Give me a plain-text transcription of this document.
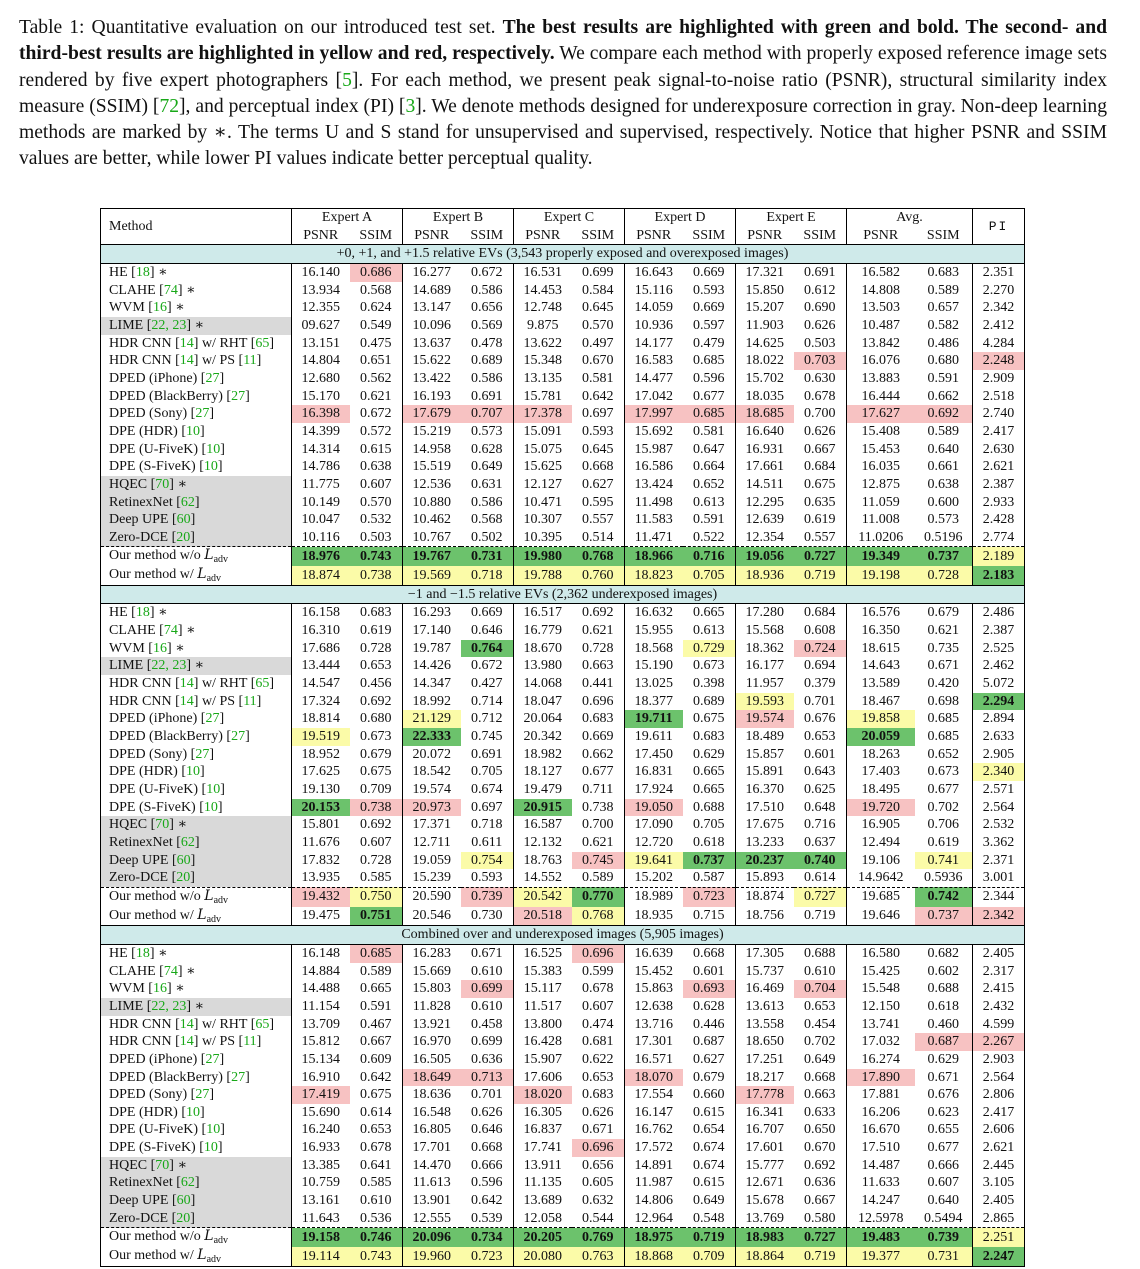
Table 1: Quantitative evaluation on our introduced test set. The best results are highlighted with green and bold. The second- and third-best results are highlighted in yellow and red, respectively. We compare each method with properly exposed reference image sets rendered by five expert photographers [5]. For each method, we present peak signal-to-noise ratio (PSNR), structural similarity index measure (SSIM) [72], and perceptual index (PI) [3]. We denote methods designed for underexposure correction in gray. Non-deep learning methods are marked by ∗. The terms U and S stand for unsupervised and supervised, respectively. Notice that higher PSNR and SSIM values are better, while lower PI values indicate better perceptual quality.
Method	Expert A		Expert B		Expert C		Expert D		Expert E		Avg.		PI
	PSNR	SSIM	PSNR	SSIM	PSNR	SSIM	PSNR	SSIM	PSNR	SSIM	PSNR	SSIM	
+0, +1, and +1.5 relative EVs (3,543 properly exposed and overexposed images)													
HE [18] ∗	16.140	0.686	16.277	0.672	16.531	0.699	16.643	0.669	17.321	0.691	16.582	0.683	2.351
CLAHE [74] ∗	13.934	0.568	14.689	0.586	14.453	0.584	15.116	0.593	15.850	0.612	14.808	0.589	2.270
WVM [16] ∗	12.355	0.624	13.147	0.656	12.748	0.645	14.059	0.669	15.207	0.690	13.503	0.657	2.342
LIME [22, 23] ∗	09.627	0.549	10.096	0.569	9.875	0.570	10.936	0.597	11.903	0.626	10.487	0.582	2.412
HDR CNN [14] w/ RHT [65]	13.151	0.475	13.637	0.478	13.622	0.497	14.177	0.479	14.625	0.503	13.842	0.486	4.284
HDR CNN [14] w/ PS [11]	14.804	0.651	15.622	0.689	15.348	0.670	16.583	0.685	18.022	0.703	16.076	0.680	2.248
DPED (iPhone) [27]	12.680	0.562	13.422	0.586	13.135	0.581	14.477	0.596	15.702	0.630	13.883	0.591	2.909
DPED (BlackBerry) [27]	15.170	0.621	16.193	0.691	15.781	0.642	17.042	0.677	18.035	0.678	16.444	0.662	2.518
DPED (Sony) [27]	16.398	0.672	17.679	0.707	17.378	0.697	17.997	0.685	18.685	0.700	17.627	0.692	2.740
DPE (HDR) [10]	14.399	0.572	15.219	0.573	15.091	0.593	15.692	0.581	16.640	0.626	15.408	0.589	2.417
DPE (U-FiveK) [10]	14.314	0.615	14.958	0.628	15.075	0.645	15.987	0.647	16.931	0.667	15.453	0.640	2.630
DPE (S-FiveK) [10]	14.786	0.638	15.519	0.649	15.625	0.668	16.586	0.664	17.661	0.684	16.035	0.661	2.621
HQEC [70] ∗	11.775	0.607	12.536	0.631	12.127	0.627	13.424	0.652	14.511	0.675	12.875	0.638	2.387
RetinexNet [62]	10.149	0.570	10.880	0.586	10.471	0.595	11.498	0.613	12.295	0.635	11.059	0.600	2.933
Deep UPE [60]	10.047	0.532	10.462	0.568	10.307	0.557	11.583	0.591	12.639	0.619	11.008	0.573	2.428
Zero-DCE [20]	10.116	0.503	10.767	0.502	10.395	0.514	11.471	0.522	12.354	0.557	11.0206	0.5196	2.774
Our method w/o $L_{adv}$	18.976	0.743	19.767	0.731	19.980	0.768	18.966	0.716	19.056	0.727	19.349	0.737	2.189
Our method w/ $L_{adv}$	18.874	0.738	19.569	0.718	19.788	0.760	18.823	0.705	18.936	0.719	19.198	0.728	2.183
−1 and −1.5 relative EVs (2,362 underexposed images)													
HE [18] ∗	16.158	0.683	16.293	0.669	16.517	0.692	16.632	0.665	17.280	0.684	16.576	0.679	2.486
CLAHE [74] ∗	16.310	0.619	17.140	0.646	16.779	0.621	15.955	0.613	15.568	0.608	16.350	0.621	2.387
WVM [16] ∗	17.686	0.728	19.787	0.764	18.670	0.728	18.568	0.729	18.362	0.724	18.615	0.735	2.525
LIME [22, 23] ∗	13.444	0.653	14.426	0.672	13.980	0.663	15.190	0.673	16.177	0.694	14.643	0.671	2.462
HDR CNN [14] w/ RHT [65]	14.547	0.456	14.347	0.427	14.068	0.441	13.025	0.398	11.957	0.379	13.589	0.420	5.072
HDR CNN [14] w/ PS [11]	17.324	0.692	18.992	0.714	18.047	0.696	18.377	0.689	19.593	0.701	18.467	0.698	2.294
DPED (iPhone) [27]	18.814	0.680	21.129	0.712	20.064	0.683	19.711	0.675	19.574	0.676	19.858	0.685	2.894
DPED (BlackBerry) [27]	19.519	0.673	22.333	0.745	20.342	0.669	19.611	0.683	18.489	0.653	20.059	0.685	2.633
DPED (Sony) [27]	18.952	0.679	20.072	0.691	18.982	0.662	17.450	0.629	15.857	0.601	18.263	0.652	2.905
DPE (HDR) [10]	17.625	0.675	18.542	0.705	18.127	0.677	16.831	0.665	15.891	0.643	17.403	0.673	2.340
DPE (U-FiveK) [10]	19.130	0.709	19.574	0.674	19.479	0.711	17.924	0.665	16.370	0.625	18.495	0.677	2.571
DPE (S-FiveK) [10]	20.153	0.738	20.973	0.697	20.915	0.738	19.050	0.688	17.510	0.648	19.720	0.702	2.564
HQEC [70] ∗	15.801	0.692	17.371	0.718	16.587	0.700	17.090	0.705	17.675	0.716	16.905	0.706	2.532
RetinexNet [62]	11.676	0.607	12.711	0.611	12.132	0.621	12.720	0.618	13.233	0.637	12.494	0.619	3.362
Deep UPE [60]	17.832	0.728	19.059	0.754	18.763	0.745	19.641	0.737	20.237	0.740	19.106	0.741	2.371
Zero-DCE [20]	13.935	0.585	15.239	0.593	14.552	0.589	15.202	0.587	15.893	0.614	14.9642	0.5936	3.001
Our method w/o $L_{adv}$	19.432	0.750	20.590	0.739	20.542	0.770	18.989	0.723	18.874	0.727	19.685	0.742	2.344
Our method w/ $L_{adv}$	19.475	0.751	20.546	0.730	20.518	0.768	18.935	0.715	18.756	0.719	19.646	0.737	2.342
Combined over and underexposed images (5,905 images)													
HE [18] ∗	16.148	0.685	16.283	0.671	16.525	0.696	16.639	0.668	17.305	0.688	16.580	0.682	2.405
CLAHE [74] ∗	14.884	0.589	15.669	0.610	15.383	0.599	15.452	0.601	15.737	0.610	15.425	0.602	2.317
WVM [16] ∗	14.488	0.665	15.803	0.699	15.117	0.678	15.863	0.693	16.469	0.704	15.548	0.688	2.415
LIME [22, 23] ∗	11.154	0.591	11.828	0.610	11.517	0.607	12.638	0.628	13.613	0.653	12.150	0.618	2.432
HDR CNN [14] w/ RHT [65]	13.709	0.467	13.921	0.458	13.800	0.474	13.716	0.446	13.558	0.454	13.741	0.460	4.599
HDR CNN [14] w/ PS [11]	15.812	0.667	16.970	0.699	16.428	0.681	17.301	0.687	18.650	0.702	17.032	0.687	2.267
DPED (iPhone) [27]	15.134	0.609	16.505	0.636	15.907	0.622	16.571	0.627	17.251	0.649	16.274	0.629	2.903
DPED (BlackBerry) [27]	16.910	0.642	18.649	0.713	17.606	0.653	18.070	0.679	18.217	0.668	17.890	0.671	2.564
DPED (Sony) [27]	17.419	0.675	18.636	0.701	18.020	0.683	17.554	0.660	17.778	0.663	17.881	0.676	2.806
DPE (HDR) [10]	15.690	0.614	16.548	0.626	16.305	0.626	16.147	0.615	16.341	0.633	16.206	0.623	2.417
DPE (U-FiveK) [10]	16.240	0.653	16.805	0.646	16.837	0.671	16.762	0.654	16.707	0.650	16.670	0.655	2.606
DPE (S-FiveK) [10]	16.933	0.678	17.701	0.668	17.741	0.696	17.572	0.674	17.601	0.670	17.510	0.677	2.621
HQEC [70] ∗	13.385	0.641	14.470	0.666	13.911	0.656	14.891	0.674	15.777	0.692	14.487	0.666	2.445
RetinexNet [62]	10.759	0.585	11.613	0.596	11.135	0.605	11.987	0.615	12.671	0.636	11.633	0.607	3.105
Deep UPE [60]	13.161	0.610	13.901	0.642	13.689	0.632	14.806	0.649	15.678	0.667	14.247	0.640	2.405
Zero-DCE [20]	11.643	0.536	12.555	0.539	12.058	0.544	12.964	0.548	13.769	0.580	12.5978	0.5494	2.865
Our method w/o $L_{adv}$	19.158	0.746	20.096	0.734	20.205	0.769	18.975	0.719	18.983	0.727	19.483	0.739	2.251
Our method w/ $L_{adv}$	19.114	0.743	19.960	0.723	20.080	0.763	18.868	0.709	18.864	0.719	19.377	0.731	2.247
